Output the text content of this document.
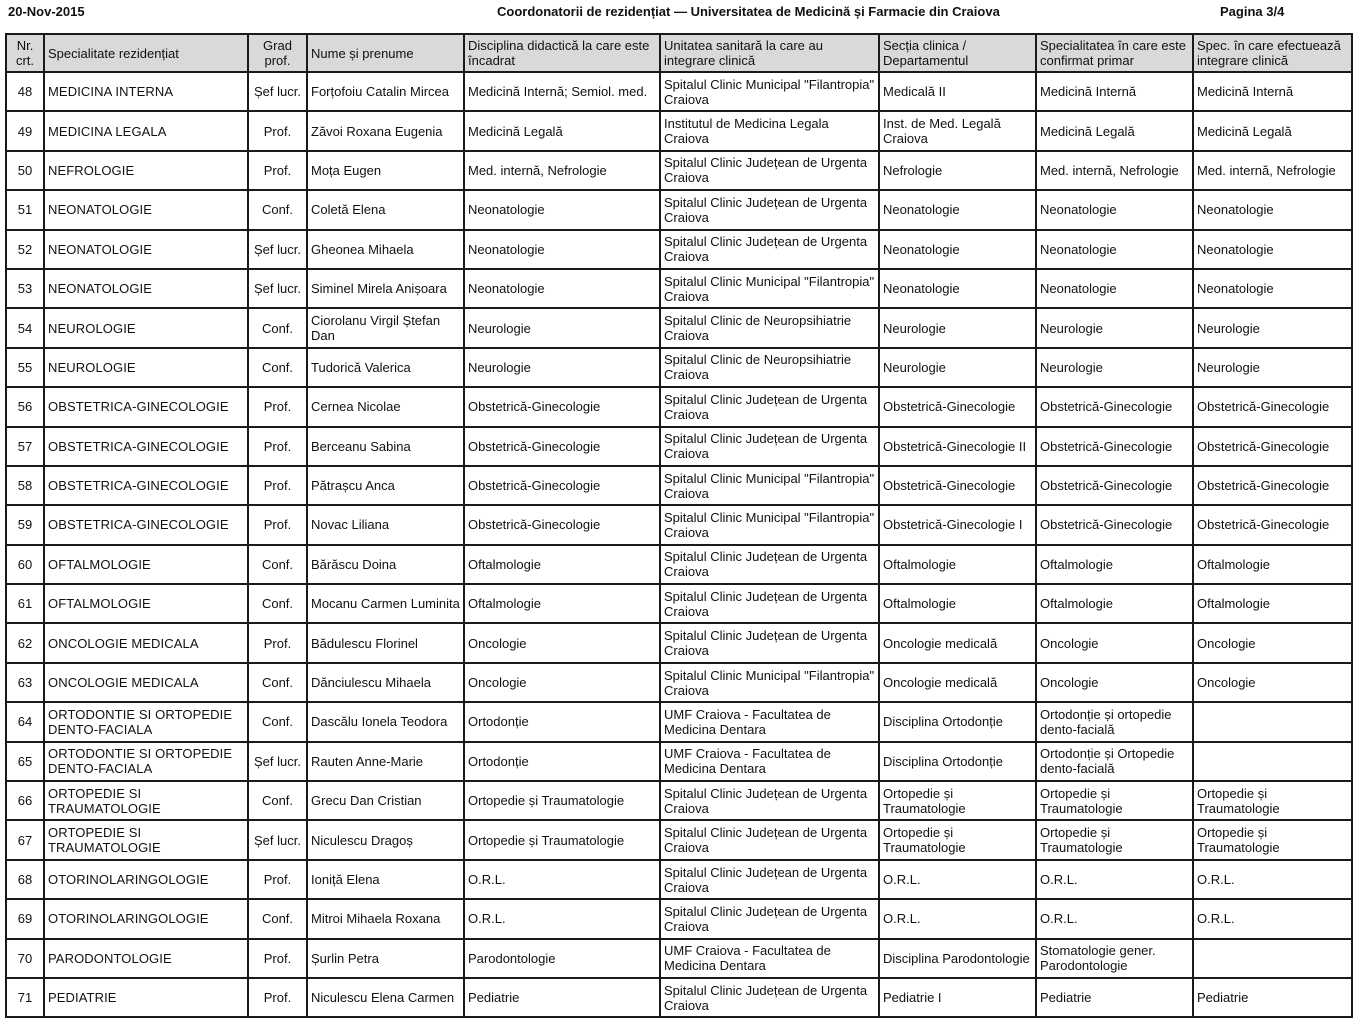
20-Nov-2015	Coordonatorii de rezidențiat — Universitatea de Medicină și Farmacie din Craiova	Pagina 3/4
Nr. crt.	Specialitate rezidențiat	Grad prof.	Nume și prenume	Disciplina didactică la care este încadrat	Unitatea sanitară la care au integrare clinică	Secția clinica / Departamentul	Specialitatea în care este confirmat primar	Spec. în care efectuează integrare clinică
48	MEDICINA INTERNA	Șef lucr.	Forțofoiu Catalin Mircea	Medicină Internă; Semiol. med.	Spitalul Clinic Municipal "Filantropia" Craiova	Medicală II	Medicină Internă	Medicină Internă
49	MEDICINA LEGALA	Prof.	Zăvoi Roxana Eugenia	Medicină Legală	Institutul de Medicina Legala Craiova	Inst. de Med. Legală Craiova	Medicină Legală	Medicină Legală
50	NEFROLOGIE	Prof.	Moța Eugen	Med. internă, Nefrologie	Spitalul Clinic Județean de Urgenta Craiova	Nefrologie	Med. internă, Nefrologie	Med. internă, Nefrologie
51	NEONATOLOGIE	Conf.	Coletă Elena	Neonatologie	Spitalul Clinic Județean de Urgenta Craiova	Neonatologie	Neonatologie	Neonatologie
52	NEONATOLOGIE	Șef lucr.	Gheonea Mihaela	Neonatologie	Spitalul Clinic Județean de Urgenta Craiova	Neonatologie	Neonatologie	Neonatologie
53	NEONATOLOGIE	Șef lucr.	Siminel Mirela Anișoara	Neonatologie	Spitalul Clinic Municipal "Filantropia" Craiova	Neonatologie	Neonatologie	Neonatologie
54	NEUROLOGIE	Conf.	Ciorolanu Virgil Ștefan Dan	Neurologie	Spitalul Clinic de Neuropsihiatrie Craiova	Neurologie	Neurologie	Neurologie
55	NEUROLOGIE	Conf.	Tudorică Valerica	Neurologie	Spitalul Clinic de Neuropsihiatrie Craiova	Neurologie	Neurologie	Neurologie
56	OBSTETRICA-GINECOLOGIE	Prof.	Cernea Nicolae	Obstetrică-Ginecologie	Spitalul Clinic Județean de Urgenta Craiova	Obstetrică-Ginecologie	Obstetrică-Ginecologie	Obstetrică-Ginecologie
57	OBSTETRICA-GINECOLOGIE	Prof.	Berceanu Sabina	Obstetrică-Ginecologie	Spitalul Clinic Județean de Urgenta Craiova	Obstetrică-Ginecologie II	Obstetrică-Ginecologie	Obstetrică-Ginecologie
58	OBSTETRICA-GINECOLOGIE	Prof.	Pătrașcu Anca	Obstetrică-Ginecologie	Spitalul Clinic Municipal "Filantropia" Craiova	Obstetrică-Ginecologie	Obstetrică-Ginecologie	Obstetrică-Ginecologie
59	OBSTETRICA-GINECOLOGIE	Prof.	Novac Liliana	Obstetrică-Ginecologie	Spitalul Clinic Municipal "Filantropia" Craiova	Obstetrică-Ginecologie I	Obstetrică-Ginecologie	Obstetrică-Ginecologie
60	OFTALMOLOGIE	Conf.	Bărăscu Doina	Oftalmologie	Spitalul Clinic Județean de Urgenta Craiova	Oftalmologie	Oftalmologie	Oftalmologie
61	OFTALMOLOGIE	Conf.	Mocanu Carmen Luminita	Oftalmologie	Spitalul Clinic Județean de Urgenta Craiova	Oftalmologie	Oftalmologie	Oftalmologie
62	ONCOLOGIE MEDICALA	Prof.	Bădulescu Florinel	Oncologie	Spitalul Clinic Județean de Urgenta Craiova	Oncologie medicală	Oncologie	Oncologie
63	ONCOLOGIE MEDICALA	Conf.	Dănciulescu Mihaela	Oncologie	Spitalul Clinic Municipal "Filantropia" Craiova	Oncologie medicală	Oncologie	Oncologie
64	ORTODONTIE SI ORTOPEDIE DENTO-FACIALA	Conf.	Dascălu Ionela Teodora	Ortodonție	UMF Craiova - Facultatea de Medicina Dentara	Disciplina Ortodonție	Ortodonție și ortopedie dento-facială	
65	ORTODONTIE SI ORTOPEDIE DENTO-FACIALA	Șef lucr.	Rauten Anne-Marie	Ortodonție	UMF Craiova - Facultatea de Medicina Dentara	Disciplina Ortodonție	Ortodonție și Ortopedie dento-facială	
66	ORTOPEDIE SI TRAUMATOLOGIE	Conf.	Grecu Dan Cristian	Ortopedie și Traumatologie	Spitalul Clinic Județean de Urgenta Craiova	Ortopedie și Traumatologie	Ortopedie și Traumatologie	Ortopedie și Traumatologie
67	ORTOPEDIE SI TRAUMATOLOGIE	Șef lucr.	Niculescu Dragoș	Ortopedie și Traumatologie	Spitalul Clinic Județean de Urgenta Craiova	Ortopedie și Traumatologie	Ortopedie și Traumatologie	Ortopedie și Traumatologie
68	OTORINOLARINGOLOGIE	Prof.	Ioniță Elena	O.R.L.	Spitalul Clinic Județean de Urgenta Craiova	O.R.L.	O.R.L.	O.R.L.
69	OTORINOLARINGOLOGIE	Conf.	Mitroi Mihaela Roxana	O.R.L.	Spitalul Clinic Județean de Urgenta Craiova	O.R.L.	O.R.L.	O.R.L.
70	PARODONTOLOGIE	Prof.	Șurlin Petra	Parodontologie	UMF Craiova - Facultatea de Medicina Dentara	Disciplina Parodontologie	Stomatologie gener. Parodontologie	
71	PEDIATRIE	Prof.	Niculescu Elena Carmen	Pediatrie	Spitalul Clinic Județean de Urgenta Craiova	Pediatrie I	Pediatrie	Pediatrie
